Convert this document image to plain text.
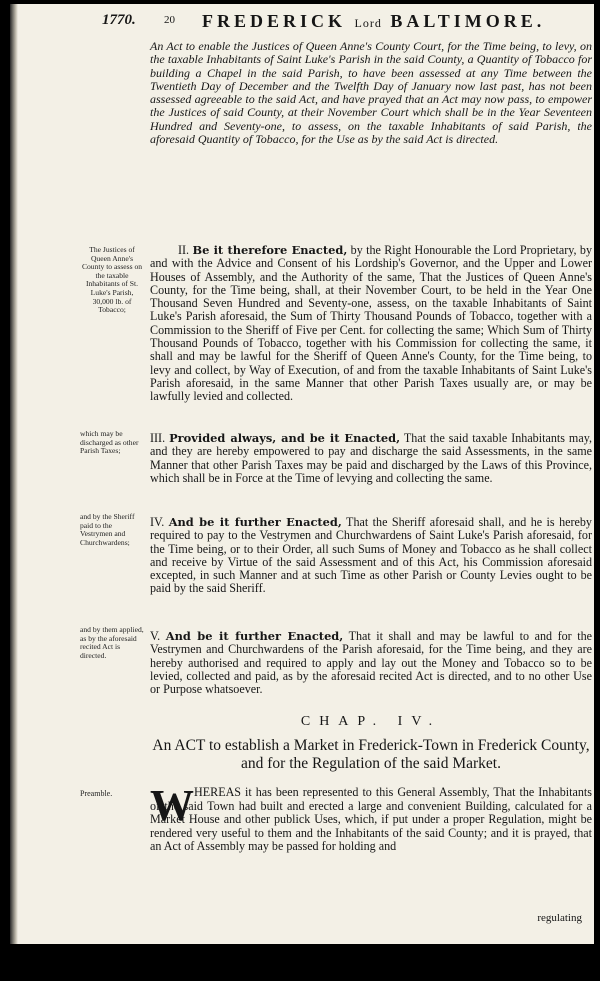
1770.	20 FREDERICK Lord BALTIMORE.
An Act to enable the Justices of Queen Anne's County Court, for the Time being, to levy, on the taxable Inhabitants of Saint Luke's Parish in the said County, a Quantity of Tobacco for building a Chapel in the said Parish, to have been assessed at any Time between the Twentieth Day of December and the Twelfth Day of January now last past, has not been assessed agreeable to the said Act, and have prayed that an Act may now pass, to empower the Justices of said County, at their November Court which shall be in the Year Seventeen Hundred and Seventy-one, to assess, on the taxable Inhabitants of said Parish, the aforesaid Quantity of Tobacco, for the Use as by the said Act is directed.
The Justices of Queen Anne's County to assess on the taxable Inhabitants of St. Luke's Parish, 30,000 lb. of Tobacco;
II. Be it therefore Enacted, by the Right Honourable the Lord Proprietary, by and with the Advice and Consent of his Lordship's Governor, and the Upper and Lower Houses of Assembly, and the Authority of the same, That the Justices of Queen Anne's County, for the Time being, shall, at their November Court, to be held in the Year One Thousand Seven Hundred and Seventy-one, assess, on the taxable Inhabitants of Saint Luke's Parish aforesaid, the Sum of Thirty Thousand Pounds of Tobacco, together with a Commission to the Sheriff of Five per Cent. for collecting the same; Which Sum of Thirty Thousand Pounds of Tobacco, together with his Commission for collecting the same, it shall and may be lawful for the Sheriff of Queen Anne's County, for the Time being, to levy and collect, by Way of Execution, of and from the taxable Inhabitants of Saint Luke's Parish aforesaid, in the same Manner that other Parish Taxes usually are, or may be lawfully levied and collected.
which may be discharged as other Parish Taxes;
III. Provided always, and be it Enacted, That the said taxable Inhabitants may, and they are hereby empowered to pay and discharge the said Assessments, in the same Manner that other Parish Taxes may be paid and discharged by the Laws of this Province, which shall be in Force at the Time of levying and collecting the same.
and by the Sheriff paid to the Vestrymen and Churchwardens;
IV. And be it further Enacted, That the Sheriff aforesaid shall, and he is hereby required to pay to the Vestrymen and Churchwardens of Saint Luke's Parish aforesaid, for the Time being, or to their Order, all such Sums of Money and Tobacco as he shall collect and receive by Virtue of the said Assessment and of this Act, his Commission aforesaid excepted, in such Manner and at such Time as other Parish or County Levies ought to be paid by the said Sheriff.
and by them applied, as by the aforesaid recited Act is directed.
V. And be it further Enacted, That it shall and may be lawful to and for the Vestrymen and Churchwardens of the Parish aforesaid, for the Time being, and they are hereby authorised and required to apply and lay out the Money and Tobacco so to be levied, collected and paid, as by the aforesaid recited Act is directed, and to no other Use or Purpose whatsoever.
CHAP. IV.
An ACT to establish a Market in Frederick-Town in Frederick County, and for the Regulation of the said Market.
Preamble. W HEREAS it has been represented to this General Assembly, That the Inhabitants of the said Town had built and erected a large and convenient Building, calculated for a Market House and other publick Uses, which, if put under a proper Regulation, might be rendered very useful to them and the Inhabitants of the said County; and it is prayed, that an Act of Assembly may be passed for holding and
regulating
